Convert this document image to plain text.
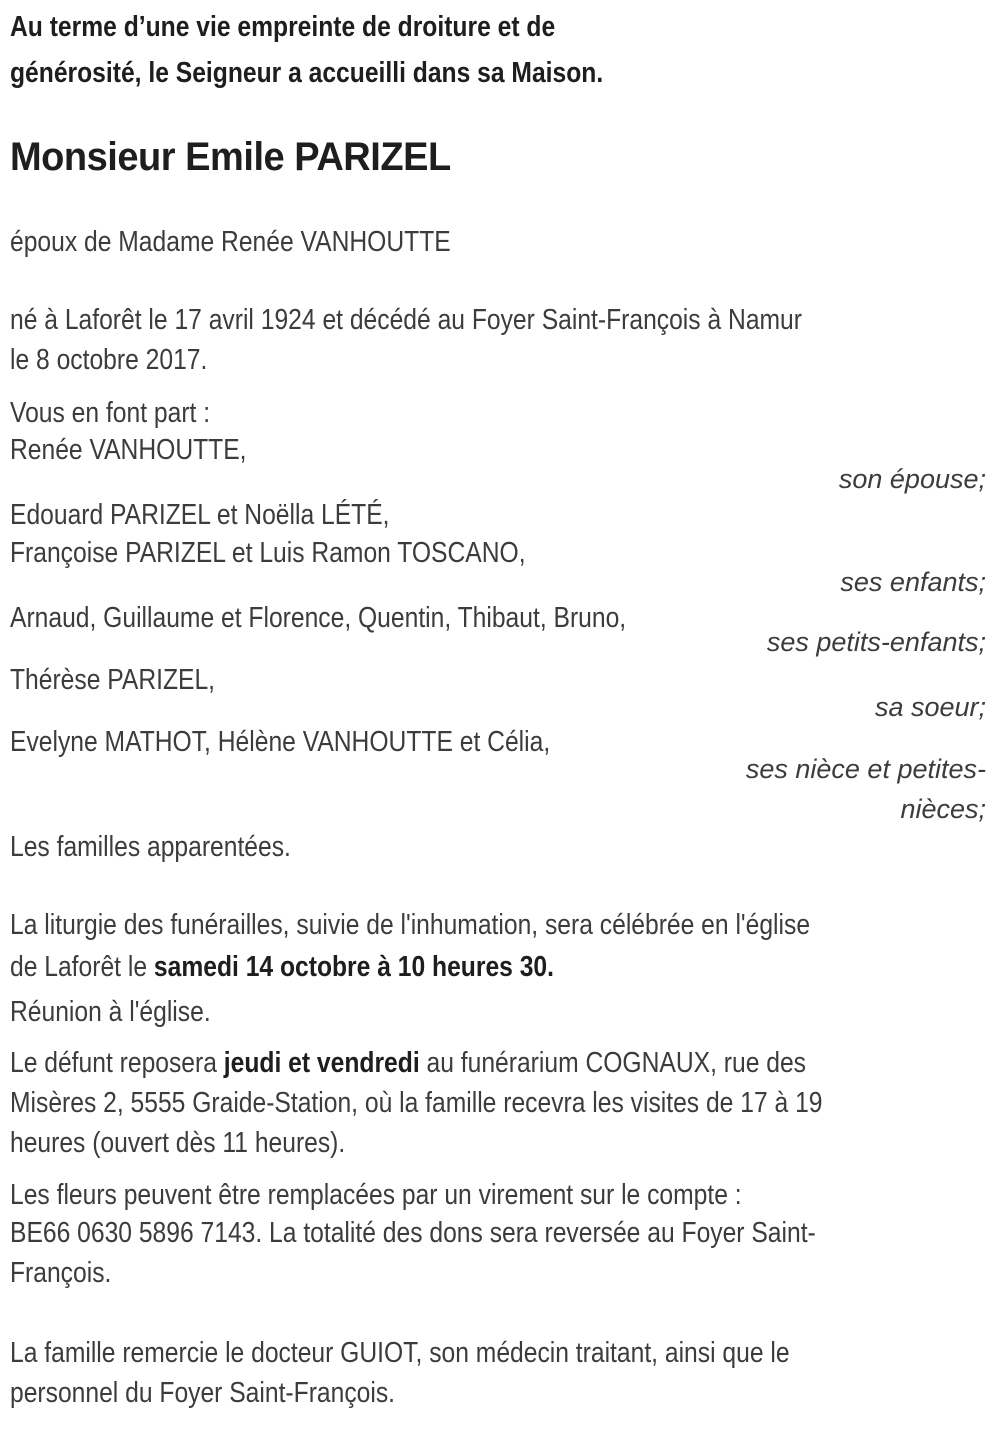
Au terme d’une vie empreinte de droiture et de
générosité, le Seigneur a accueilli dans sa Maison.
Monsieur Emile PARIZEL
époux de Madame Renée VANHOUTTE
né à Laforêt le 17 avril 1924 et décédé au Foyer Saint-François à Namur
le 8 octobre 2017.
Vous en font part :
Renée VANHOUTTE,
son épouse;
Edouard PARIZEL et Noëlla LÉTÉ,
Françoise PARIZEL et Luis Ramon TOSCANO,
ses enfants;
Arnaud, Guillaume et Florence, Quentin, Thibaut, Bruno,
ses petits-enfants;
Thérèse PARIZEL,
sa soeur;
Evelyne MATHOT, Hélène VANHOUTTE et Célia,
ses nièce et petites-
nièces;
Les familles apparentées.
La liturgie des funérailles, suivie de l'inhumation, sera célébrée en l'église
de Laforêt le samedi 14 octobre à 10 heures 30.
Réunion à l'église.
Le défunt reposera jeudi et vendredi au funérarium COGNAUX, rue des
Misères 2, 5555 Graide-Station, où la famille recevra les visites de 17 à 19
heures (ouvert dès 11 heures).
Les fleurs peuvent être remplacées par un virement sur le compte :
BE66 0630 5896 7143. La totalité des dons sera reversée au Foyer Saint-
François.
La famille remercie le docteur GUIOT, son médecin traitant, ainsi que le
personnel du Foyer Saint-François.
